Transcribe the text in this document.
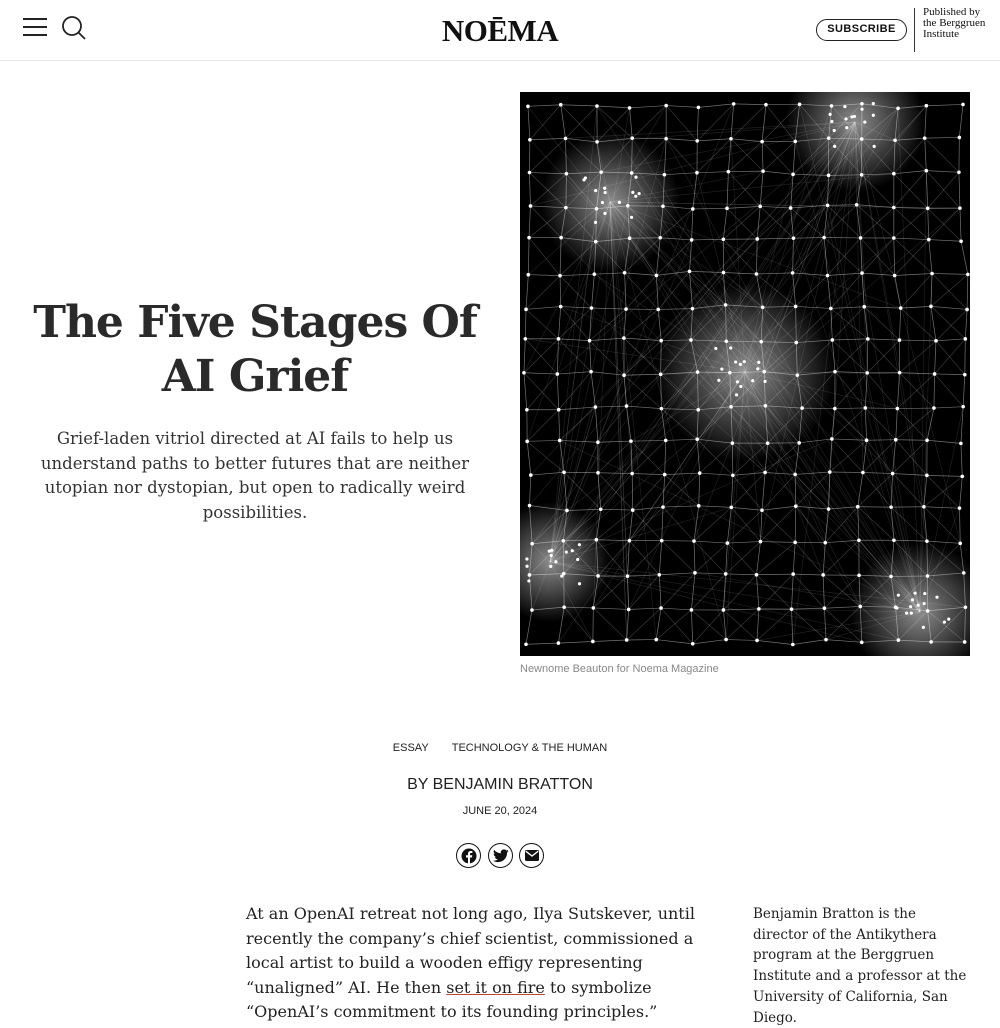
NOĒMA	SUBSCRIBE
Published by the Berggruen Institute
The Five Stages Of AI Grief

Grief-laden vitriol directed at AI fails to help us understand paths to better futures that are neither utopian nor dystopian, but open to radically weird possibilities.

Newnome Beauton for Noema Magazine
ESSAY TECHNOLOGY & THE HUMAN
BY BENJAMIN BRATTON
JUNE 20, 2024
At an OpenAI retreat not long ago, Ilya Sutskever, until recently the company’s chief scientist, commissioned a local artist to build a wooden effigy representing “unaligned” AI. He then set it on fire to symbolize “OpenAI’s commitment to its founding principles.”
Benjamin Bratton is the director of the Antikythera program at the Berggruen Institute and a professor at the University of California, San Diego.
